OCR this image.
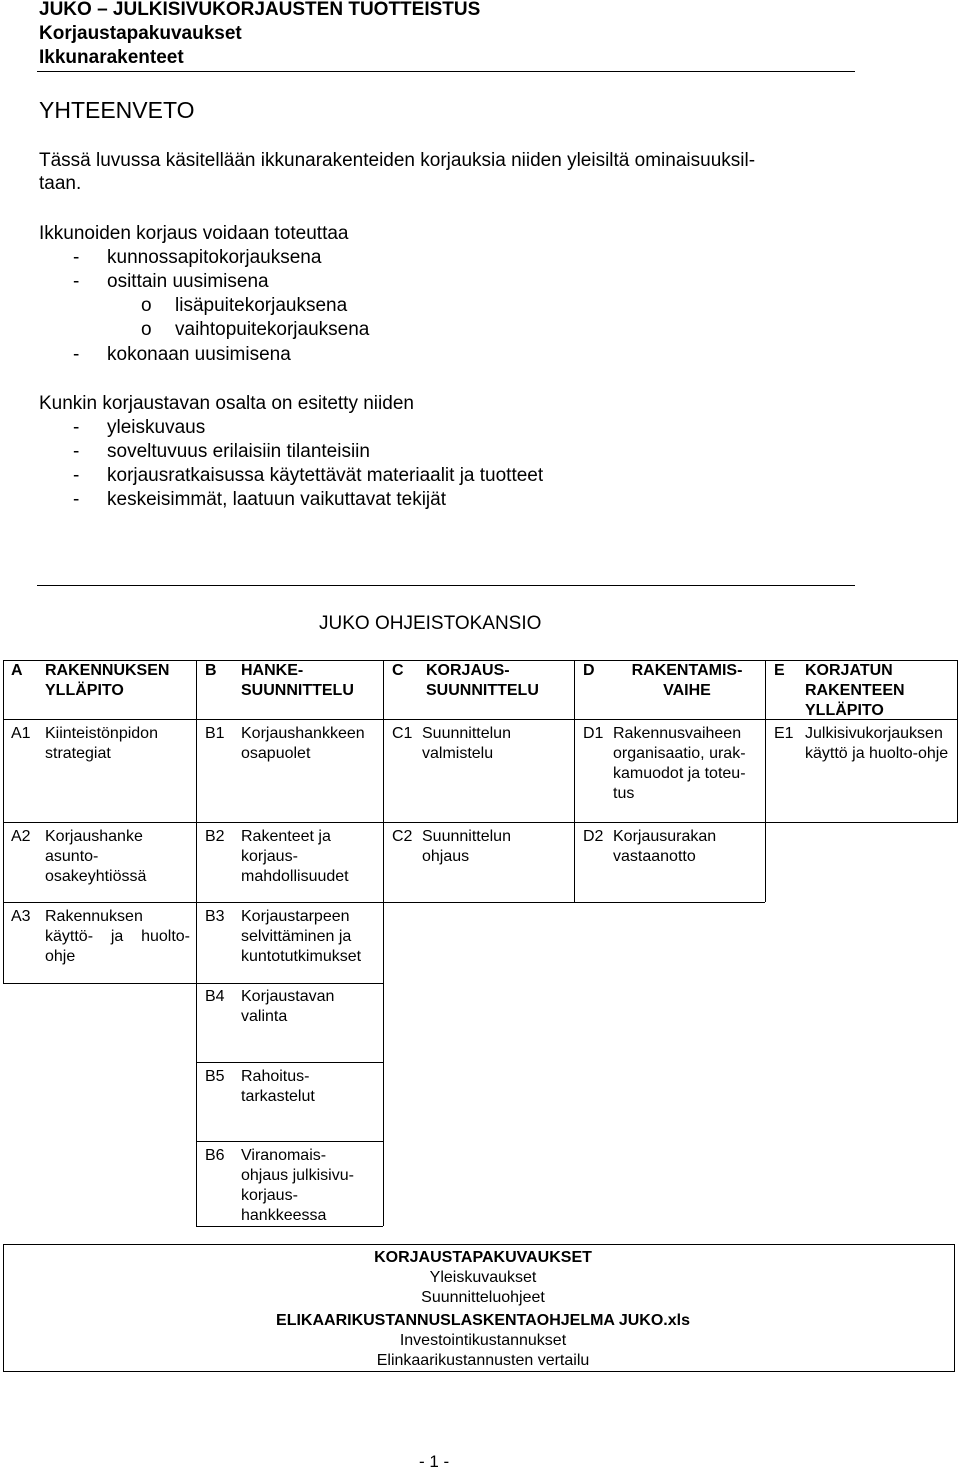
JUKO – JULKISIVUKORJAUSTEN TUOTTEISTUS
Korjaustapakuvaukset
Ikkunarakenteet
YHTEENVETO
Tässä luvussa käsitellään ikkunarakenteiden korjauksia niiden yleisiltä ominaisuuksil-
taan.
Ikkunoiden korjaus voidaan toteuttaa
- kunnossapitokorjauksena
- osittain uusimisena
o lisäpuitekorjauksena
o vaihtopuitekorjauksena
- kokonaan uusimisena
Kunkin korjaustavan osalta on esitetty niiden
- yleiskuvaus
- soveltuvuus erilaisiin tilanteisiin
- korjausratkaisussa käytettävät materiaalit ja tuotteet
- keskeisimmät, laatuun vaikuttavat tekijät
JUKO OHJEISTOKANSIO
A RAKENNUKSEN YLLÄPITO
B HANKE-SUUNNITTELU
C KORJAUS-SUUNNITTELU
D	RAKENTAMIS-VAIHE
E KORJATUN RAKENTEEN YLLÄPITO
A1 Kiinteistönpidon strategiat
B1 Korjaushankkeen osapuolet
C1 Suunnittelun valmistelu
D1 Rakennusvaiheen organisaatio, urak-kamuodot ja toteu-tus
E1 Julkisivukorjauksen käyttö ja huolto-ohje
A2 Korjaushanke asunto-osakeyhtiössä
B2 Rakenteet ja korjaus-mahdollisuudet
C2 Suunnittelun ohjaus
D2 Korjausurakan vastaanotto
A3 Rakennuksen käyttö- ja huolto-ohje
B3 Korjaustarpeen selvittäminen ja kuntotutkimukset
B4 Korjaustavan valinta
B5 Rahoitus-tarkastelut
B6 Viranomais-ohjaus julkisivu-korjaus-hankkeessa
KORJAUSTAPAKUVAUKSET
Yleiskuvaukset
Suunnitteluohjeet
ELIKAARIKUSTANNUSLASKENTAOHJELMA JUKO.xls
Investointikustannukset
Elinkaarikustannusten vertailu
- 1 -
